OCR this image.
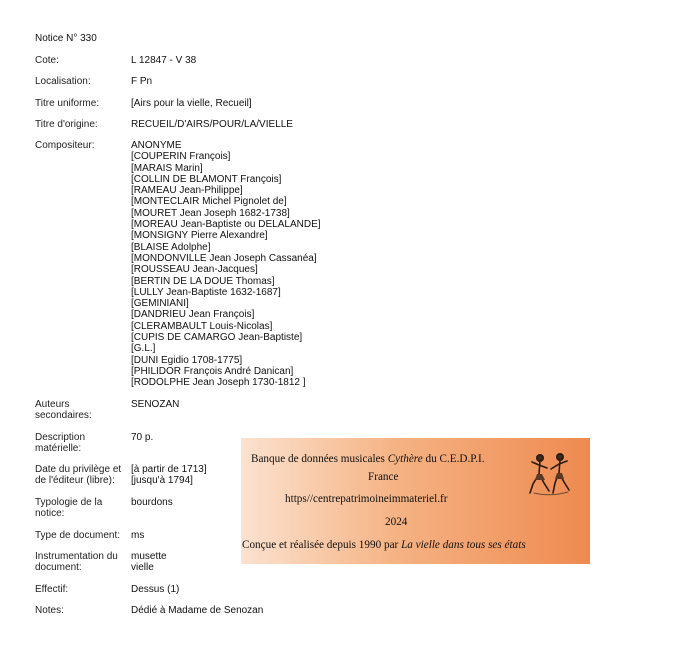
Notice N° 330
Cote:	L 12847 - V 38
Localisation:	F Pn
Titre uniforme:	[Airs pour la vielle, Recueil]
Titre d'origine:	RECUEIL/D'AIRS/POUR/LA/VIELLE
Compositeur:	ANONYME
[COUPERIN François]
[MARAIS Marin]
[COLLIN DE BLAMONT François]
[RAMEAU Jean-Philippe]
[MONTECLAIR Michel Pignolet de]
[MOURET Jean Joseph 1682-1738]
[MOREAU Jean-Baptiste ou DELALANDE]
[MONSIGNY Pierre Alexandre]
[BLAISE Adolphe]
[MONDONVILLE Jean Joseph Cassanéa]
[ROUSSEAU Jean-Jacques]
[BERTIN DE LA DOUE Thomas]
[LULLY Jean-Baptiste 1632-1687]
[GEMINIANI]
[DANDRIEU Jean François]
[CLERAMBAULT Louis-Nicolas]
[CUPIS DE CAMARGO Jean-Baptiste]
[G.L.]
[DUNI Egidio 1708-1775]
[PHILIDOR François André Danican]
[RODOLPHE Jean Joseph 1730-1812 ]
Auteurs secondaires:
SENOZAN
Description matérielle:
70 p.
Date du privilège et de l'éditeur (libre):
[à partir de 1713]
[jusqu'à 1794]
Typologie de la notice:
bourdons
Type de document:	ms
Instrumentation du document:
musette
vielle
Effectif:	Dessus (1)
Notes:	Dédié à Madame de Senozan
Banque de données musicales Cythère du C.E.D.P.I.
France
https//centrepatrimoineimmateriel.fr
2024
Conçue et réalisée depuis 1990 par La vielle dans tous ses états
